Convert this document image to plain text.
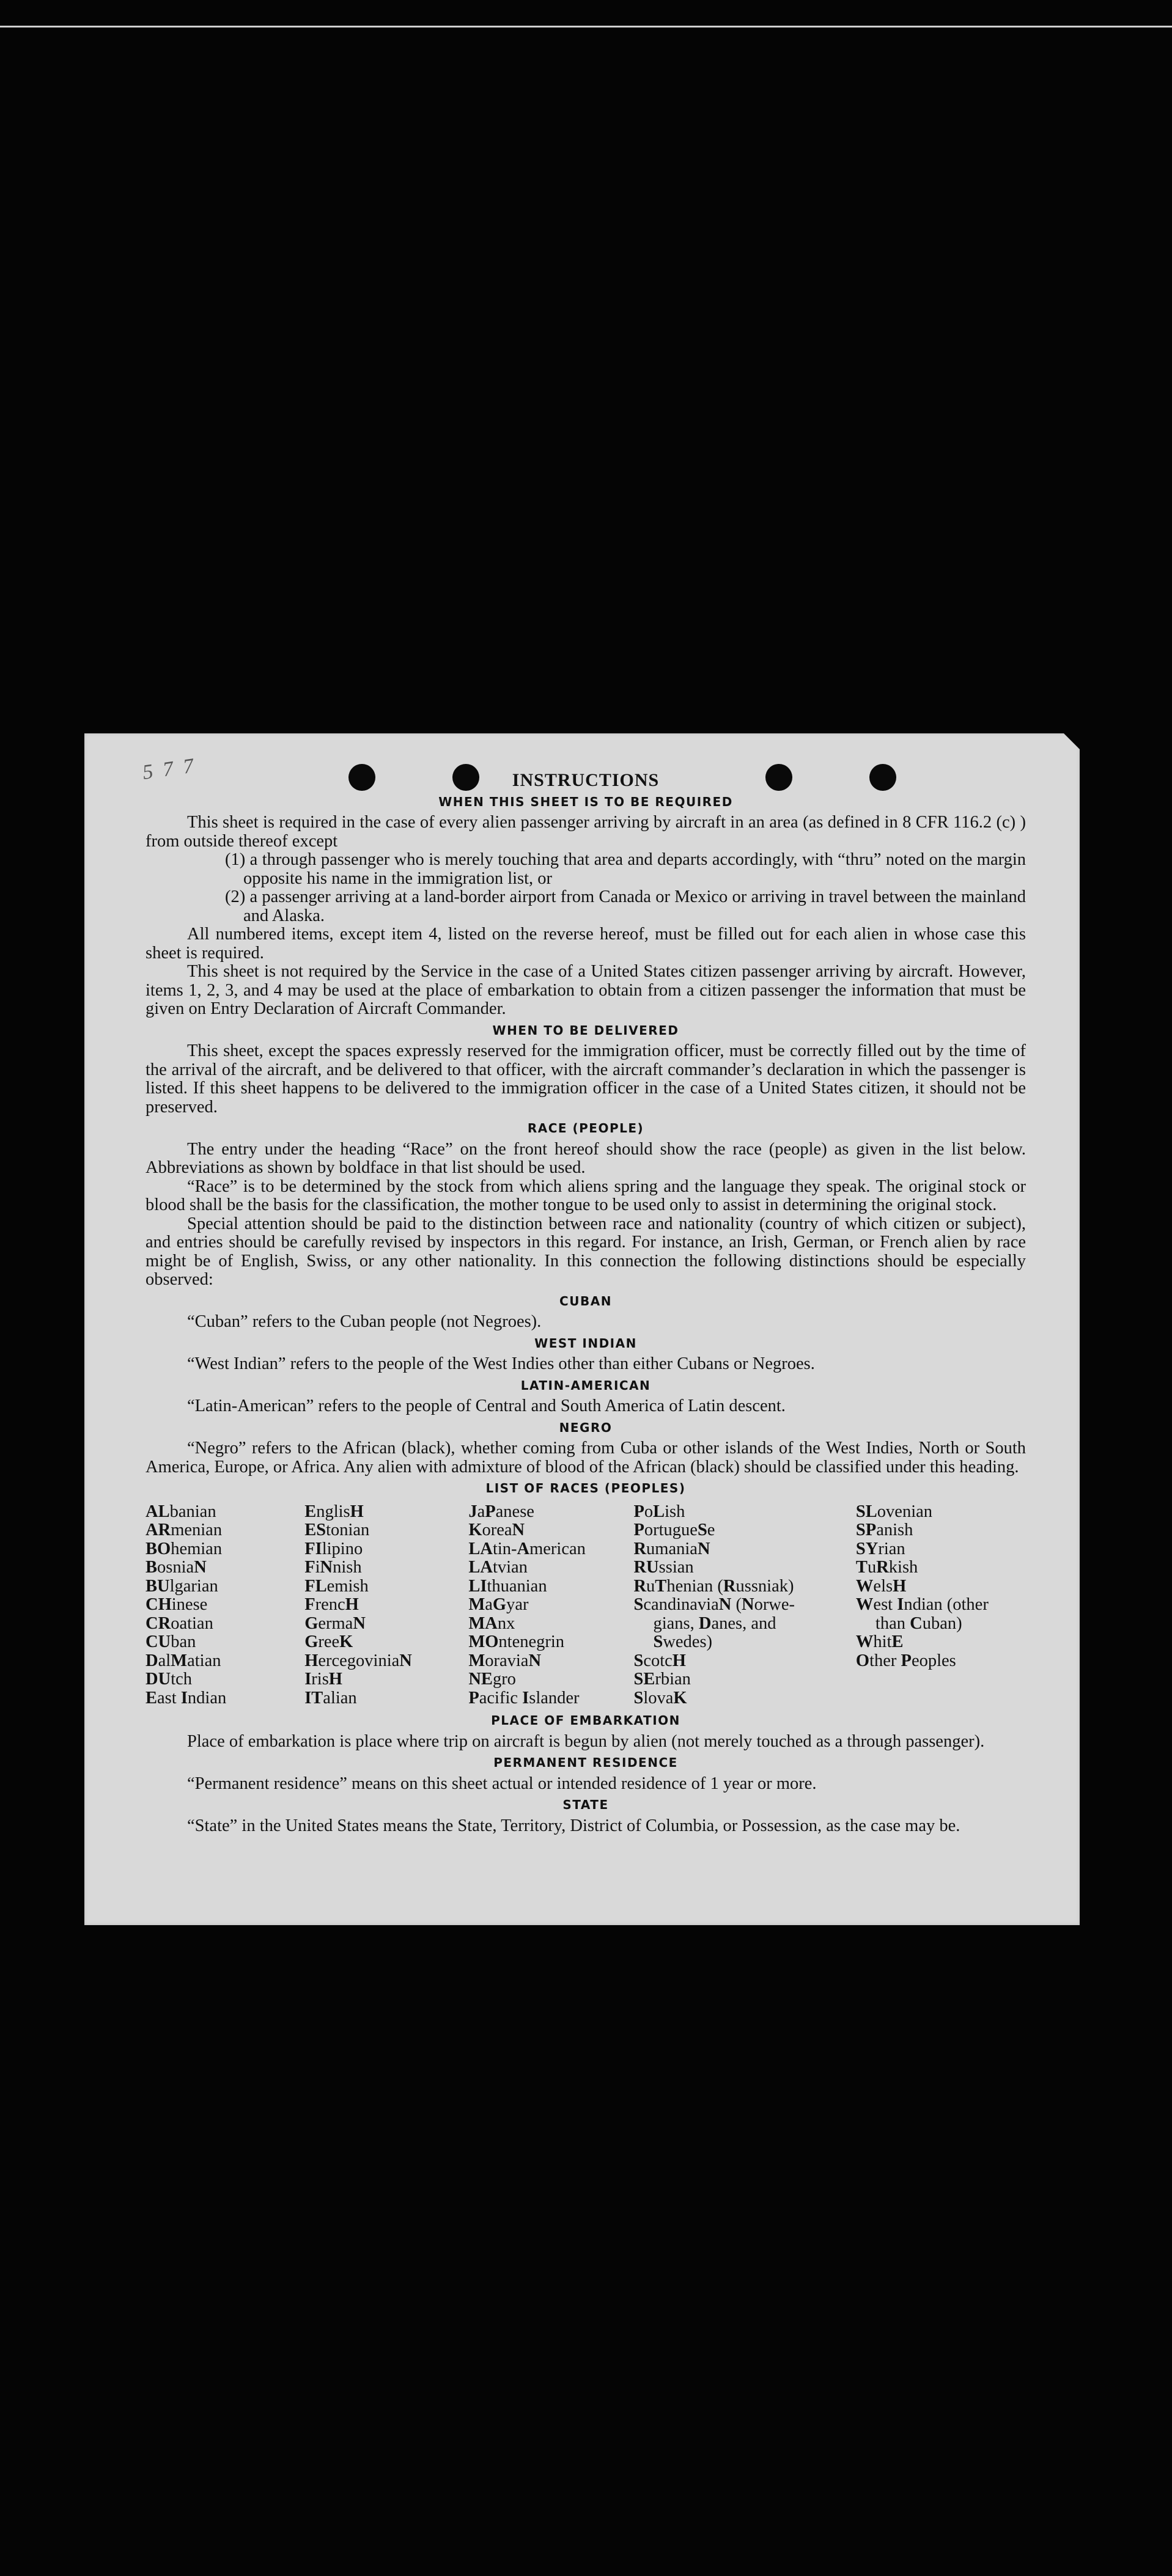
5 7 7	INSTRUCTIONS
WHEN THIS SHEET IS TO BE REQUIRED

This sheet is required in the case of every alien passenger arriving by aircraft in an area (as defined in 8 CFR 116.2 (c) ) from outside thereof except

(1) a through passenger who is merely touching that area and departs accordingly, with “thru” noted on the margin opposite his name in the immigration list, or

(2) a passenger arriving at a land-border airport from Canada or Mexico or arriving in travel between the mainland and Alaska.

All numbered items, except item 4, listed on the reverse hereof, must be filled out for each alien in whose case this sheet is required.

This sheet is not required by the Service in the case of a United States citizen passenger arriving by aircraft. However, items 1, 2, 3, and 4 may be used at the place of embarkation to obtain from a citizen passenger the information that must be given on Entry Declaration of Aircraft Commander.

WHEN TO BE DELIVERED

This sheet, except the spaces expressly reserved for the immigration officer, must be correctly filled out by the time of the arrival of the aircraft, and be delivered to that officer, with the aircraft commander’s declaration in which the passenger is listed. If this sheet happens to be delivered to the immigration officer in the case of a United States citizen, it should not be preserved.

RACE (PEOPLE)

The entry under the heading “Race” on the front hereof should show the race (people) as given in the list below. Abbreviations as shown by boldface in that list should be used.

“Race” is to be determined by the stock from which aliens spring and the language they speak. The original stock or blood shall be the basis for the classification, the mother tongue to be used only to assist in determining the original stock.

Special attention should be paid to the distinction between race and nationality (country of which citizen or subject), and entries should be carefully revised by inspectors in this regard. For instance, an Irish, German, or French alien by race might be of English, Swiss, or any other nationality. In this connection the following distinctions should be especially observed:

CUBAN

“Cuban” refers to the Cuban people (not Negroes).

WEST INDIAN

“West Indian” refers to the people of the West Indies other than either Cubans or Negroes.

LATIN-AMERICAN

“Latin-American” refers to the people of Central and South America of Latin descent.

NEGRO

“Negro” refers to the African (black), whether coming from Cuba or other islands of the West Indies, North or South America, Europe, or Africa. Any alien with admixture of blood of the African (black) should be classified under this heading.

LIST OF RACES (PEOPLES)
ALbanian
ARmenian
BOhemian
BosniaN
BUlgarian
CHinese
CRoatian
CUban
DalMatian
DUtch
East Indian
EnglisH
EStonian
FIlipino
FiNnish
FLemish
FrencH
GermaN
GreeK
HercegoviniaN
IrisH
ITalian
JaPanese
KoreaN
LAtin-American
LAtvian
LIthuanian
MaGyar
MAnx
MOntenegrin
MoraviaN
NEgro
Pacific Islander
PoLish
PortugueSe
RumaniaN
RUssian
RuThenian (Russniak)
ScandinaviaN (Norwe-
gians, Danes, and
Swedes)
ScotcH
SErbian
SlovaK
SLovenian
SPanish
SYrian
TuRkish
WelsH
West Indian (other
than Cuban)
WhitE
Other Peoples
PLACE OF EMBARKATION

Place of embarkation is place where trip on aircraft is begun by alien (not merely touched as a through passenger).

PERMANENT RESIDENCE

“Permanent residence” means on this sheet actual or intended residence of 1 year or more.

STATE

“State” in the United States means the State, Territory, District of Columbia, or Possession, as the case may be.
